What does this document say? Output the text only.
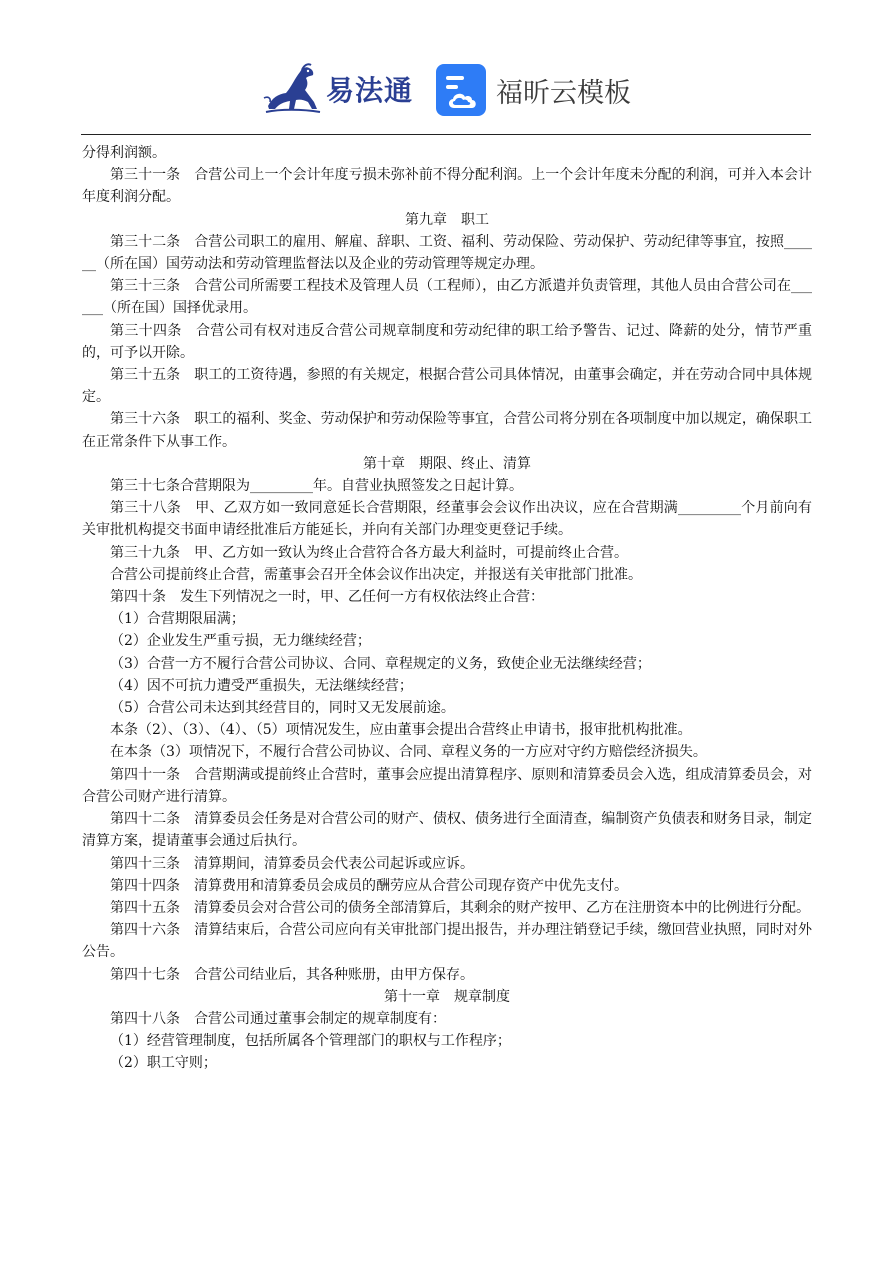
易法通	福昕云模板

分得利润额。

第三十一条　合营公司上一个会计年度亏损未弥补前不得分配利润。上一个会计年度未分配的利润，可并入本会计年度利润分配。

第九章　职工

第三十二条　合营公司职工的雇用、解雇、辞职、工资、福利、劳动保险、劳动保护、劳动纪律等事宜，按照______（所在国）国劳动法和劳动管理监督法以及企业的劳动管理等规定办理。

第三十三条　合营公司所需要工程技术及管理人员（工程师），由乙方派遣并负责管理，其他人员由合营公司在______（所在国）国择优录用。

第三十四条　合营公司有权对违反合营公司规章制度和劳动纪律的职工给予警告、记过、降薪的处分，情节严重的，可予以开除。

第三十五条　职工的工资待遇，参照的有关规定，根据合营公司具体情况，由董事会确定，并在劳动合同中具体规定。

第三十六条　职工的福利、奖金、劳动保护和劳动保险等事宜，合营公司将分别在各项制度中加以规定，确保职工在正常条件下从事工作。

第十章　期限、终止、清算

第三十七条合营期限为_________年。自营业执照签发之日起计算。

第三十八条　甲、乙双方如一致同意延长合营期限，经董事会会议作出决议，应在合营期满_________个月前向有关审批机构提交书面申请经批准后方能延长，并向有关部门办理变更登记手续。

第三十九条　甲、乙方如一致认为终止合营符合各方最大利益时，可提前终止合营。

合营公司提前终止合营，需董事会召开全体会议作出决定，并报送有关审批部门批准。

第四十条　发生下列情况之一时，甲、乙任何一方有权依法终止合营：

（1）合营期限届满；

（2）企业发生严重亏损，无力继续经营；

（3）合营一方不履行合营公司协议、合同、章程规定的义务，致使企业无法继续经营；

（4）因不可抗力遭受严重损失，无法继续经营；

（5）合营公司未达到其经营目的，同时又无发展前途。

本条（2）、（3）、（4）、（5）项情况发生，应由董事会提出合营终止申请书，报审批机构批准。

在本条（3）项情况下，不履行合营公司协议、合同、章程义务的一方应对守约方赔偿经济损失。

第四十一条　合营期满或提前终止合营时，董事会应提出清算程序、原则和清算委员会入选，组成清算委员会，对合营公司财产进行清算。

第四十二条　清算委员会任务是对合营公司的财产、债权、债务进行全面清查，编制资产负债表和财务目录，制定清算方案，提请董事会通过后执行。

第四十三条　清算期间，清算委员会代表公司起诉或应诉。

第四十四条　清算费用和清算委员会成员的酬劳应从合营公司现存资产中优先支付。

第四十五条　清算委员会对合营公司的债务全部清算后，其剩余的财产按甲、乙方在注册资本中的比例进行分配。

第四十六条　清算结束后，合营公司应向有关审批部门提出报告，并办理注销登记手续，缴回营业执照，同时对外公告。

第四十七条　合营公司结业后，其各种账册，由甲方保存。

第十一章　规章制度

第四十八条　合营公司通过董事会制定的规章制度有：

（1）经营管理制度，包括所属各个管理部门的职权与工作程序；

（2）职工守则；
